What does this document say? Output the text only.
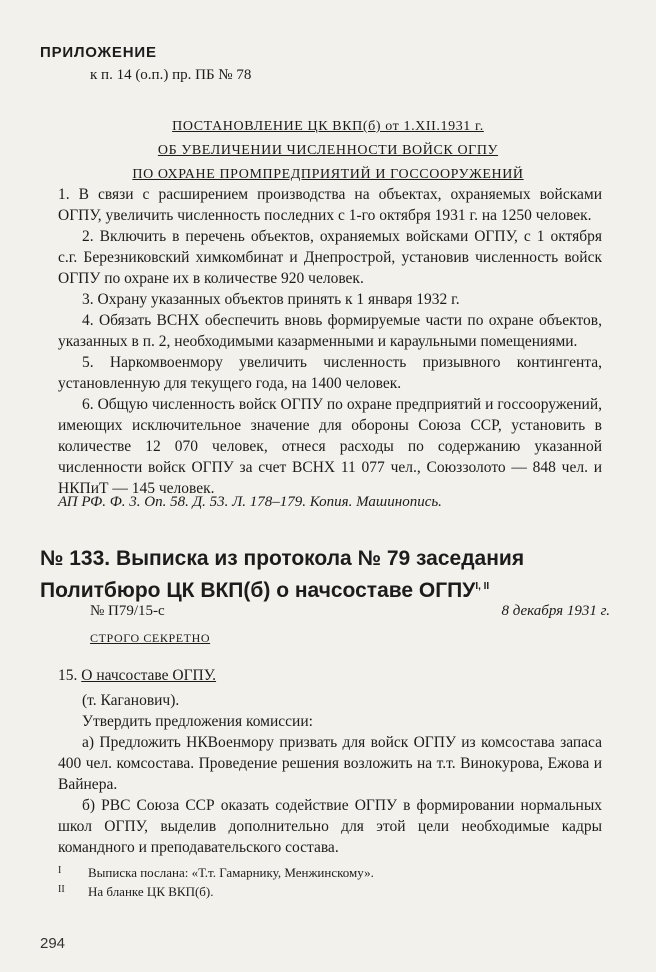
ПРИЛОЖЕНИЕ
к п. 14 (о.п.) пр. ПБ № 78
ПОСТАНОВЛЕНИЕ ЦК ВКП(б) от 1.XII.1931 г.
ОБ УВЕЛИЧЕНИИ ЧИСЛЕННОСТИ ВОЙСК ОГПУ
ПО ОХРАНЕ ПРОМПРЕДПРИЯТИЙ И ГОССООРУЖЕНИЙ

1. В связи с расширением производства на объектах, охраняемых войсками ОГПУ, увеличить численность последних с 1-го октября 1931 г. на 1250 человек.

2. Включить в перечень объектов, охраняемых войсками ОГПУ, с 1 октября с.г. Березниковский химкомбинат и Днепрострой, установив численность войск ОГПУ по охране их в количестве 920 человек.

3. Охрану указанных объектов принять к 1 января 1932 г.

4. Обязать ВСНХ обеспечить вновь формируемые части по охране объектов, указанных в п. 2, необходимыми казарменными и караульными помещениями.

5. Наркомвоенмору увеличить численность призывного контингента, установленную для текущего года, на 1400 человек.

6. Общую численность войск ОГПУ по охране предприятий и госсооружений, имеющих исключительное значение для обороны Союза ССР, установить в количестве 12 070 человек, отнеся расходы по содержанию указанной численности войск ОГПУ за счет ВСНХ 11 077 чел., Союззолото — 848 чел. и НКПиТ — 145 человек.

АП РФ. Ф. 3. Оп. 58. Д. 53. Л. 178–179. Копия. Машинопись.
№ 133. Выписка из протокола № 79 заседания Политбюро ЦК ВКП(б) о начсоставе $ОГПУ^{I, II}$
№ П79/15-с	8 декабря 1931 г.
СТРОГО СЕКРЕТНО
15. О начсоставе ОГПУ.

(т. Каганович).

Утвердить предложения комиссии:

а) Предложить НКВоенмору призвать для войск ОГПУ из комсостава запаса 400 чел. комсостава. Проведение решения возложить на т.т. Винокурова, Ежова и Вайнера.

б) РВС Союза ССР оказать содействие ОГПУ в формировании нормальных школ ОГПУ, выделив дополнительно для этой цели необходимые кадры командного и преподавательского состава.

I Выписка послана: «Т.т. Гамарнику, Менжинскому».
II На бланке ЦК ВКП(б).
294
